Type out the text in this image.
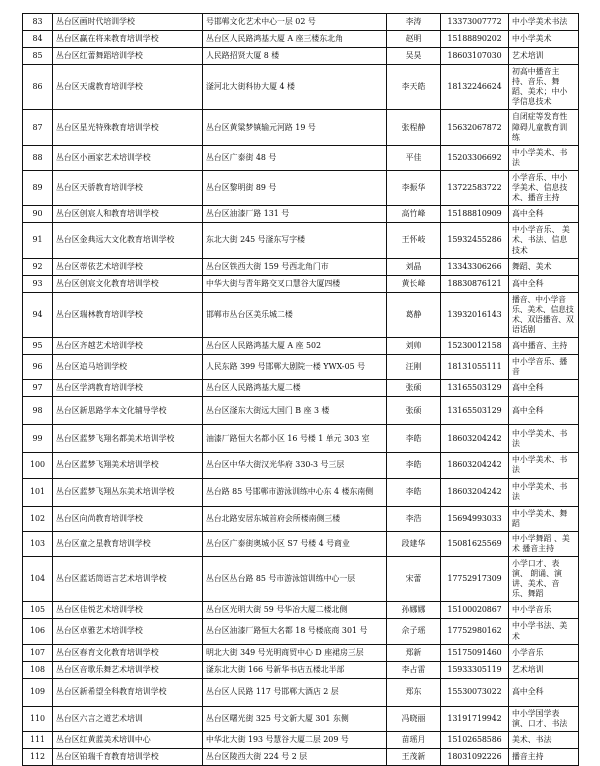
83	丛台区画时代培训学校	号邯郸文化艺术中心一层 02 号	李涛	13373007772	中小学美术书法
84	丛台区赢在将来教育培训学校	丛台区人民路鸿基大厦 A 座三楼东北角	赵明	15188890202	中小学美术
85	丛台区红蕾舞蹈培训学校	人民路招贤大厦 8 楼	吴昊	18603107030	艺术培训
86	丛台区天虞教育培训学校	滏河北大街科协大厦 4 楼	李天皓	18132246624	初高中播音主持、音乐、舞蹈、美术；中小学信息技术
87	丛台区星光特殊教育培训学校	丛台区黄粱梦镇输元河路 19 号	张程静	15632067872	自闭症等发育性障碍儿童教育训练
88	丛台区小画家艺术培训学校	丛台区广泰街 48 号	平佳	15203306692	中小学美术、书法
89	丛台区天骄教育培训学校	丛台区黎明街 89 号	李振华	13722583722	小学音乐、中小学美术、信息技术、播音主持
90	丛台区创宸人和教育培训学校	丛台区油漆厂路 131 号	高竹峰	15188810909	高中全科
91	丛台区金典远大文化教育培训学校	东北大街 245 号滏东写字楼	王怀岐	15932455286	中小学音乐、 美术、书法、信息技术
92	丛台区蒂依艺术培训学校	丛台区铁西大街 159 号西北角门市	刘晶	13343306266	舞蹈、美术
93	丛台区创宸文化教育培训学校	中华大街与青年路交叉口慧谷大厦四楼	黄长峰	18830876121	高中全科
94	丛台区瑞林教育培训学校	邯郸市丛台区美乐城二楼	葛静	13932016143	播音、中小学音乐、美术、信息技术、双语播音、双语话剧
95	丛台区齐越艺术培训学校	丛台区人民路鸿基大厦 A 座 502	刘帅	15230012158	高中播音、主持
96	丛台区追马培训学校	人民东路 399 号邯郸大剧院一楼 YWX-05 号	汪刚	18131055111	中小学音乐、播音
97	丛台区学鸿教育培训学校	丛台区人民路鸿基大厦二楼	张硕	13165503129	高中全科
98	丛台区新思路学本文化辅导学校	丛台区滏东大街远大国门 B 座 3 楼	张硕	13165503129	高中全科
99	丛台区蓝梦飞翔名都美术培训学校	油漆厂路恒大名都小区 16 号楼 1 单元 303 室	李皓	18603204242	中小学美术、书法
100	丛台区蓝梦飞翔美术培训学校	丛台区中华大街汉光华府 330-3 号三层	李皓	18603204242	中小学美术、书法
101	丛台区蓝梦飞翔丛东美术培训学校	丛台路 85 号邯郸市游泳训练中心东 4 楼东南侧	李皓	18603204242	中小学美术、书法
102	丛台区向尚教育培训学校	丛台北路安居东城首府会所楼南侧三楼	李浩	15694993033	中小学美术、舞蹈
103	丛台区童之星教育培训学校	丛台区广泰街奥城小区 S7 号楼 4 号商业	段建华	15081625569	中小学舞蹈 、美术 播音主持
104	丛台区蓝话筒语言艺术培训学校	丛台区丛台路 85 号市游泳馆训练中心一层	宋蕾	17752917309	小学口才、表演、 朗诵、演讲、美术、音乐、舞蹈
105	丛台区佳悦艺术培训学校	丛台区光明大街 59 号华冶大厦二楼北侧	孙娜娜	15100020867	中小学音乐
106	丛台区卓雅艺术培训学校	丛台区油漆厂路恒大名都 18 号楼底商 301 号	佘子瑶	17752980162	中小学书法、美术
107	丛台区春育文化教育培训学校	明北大街 349 号光明商贸中心 D 座裙房三层	郑新	15175091460	小学音乐
108	丛台区音歌乐舞艺术培训学校	滏东北大街 166 号新华书店五楼北半部	李占雷	15933305119	艺术培训
109	丛台区新希望全科教育培训学校	丛台区人民路 117 号邯郸大酒店 2 层	郑东	15530073022	高中全科
110	丛台区六言之道艺术培训	丛台区曙光街 325 号文新大厦 301 东侧	冯晓丽	13191719942	中小学国学表演、口才、书法
111	丛台区红黄蓝美术培训中心	中华北大街 193 号慧谷大厦二层 209 号	苗瑶月	15102658586	美术、书法
112	丛台区铂瑞千育教育培训学校	丛台区陵西大街 224 号 2 层	王茂新	18031092226	播音主持
